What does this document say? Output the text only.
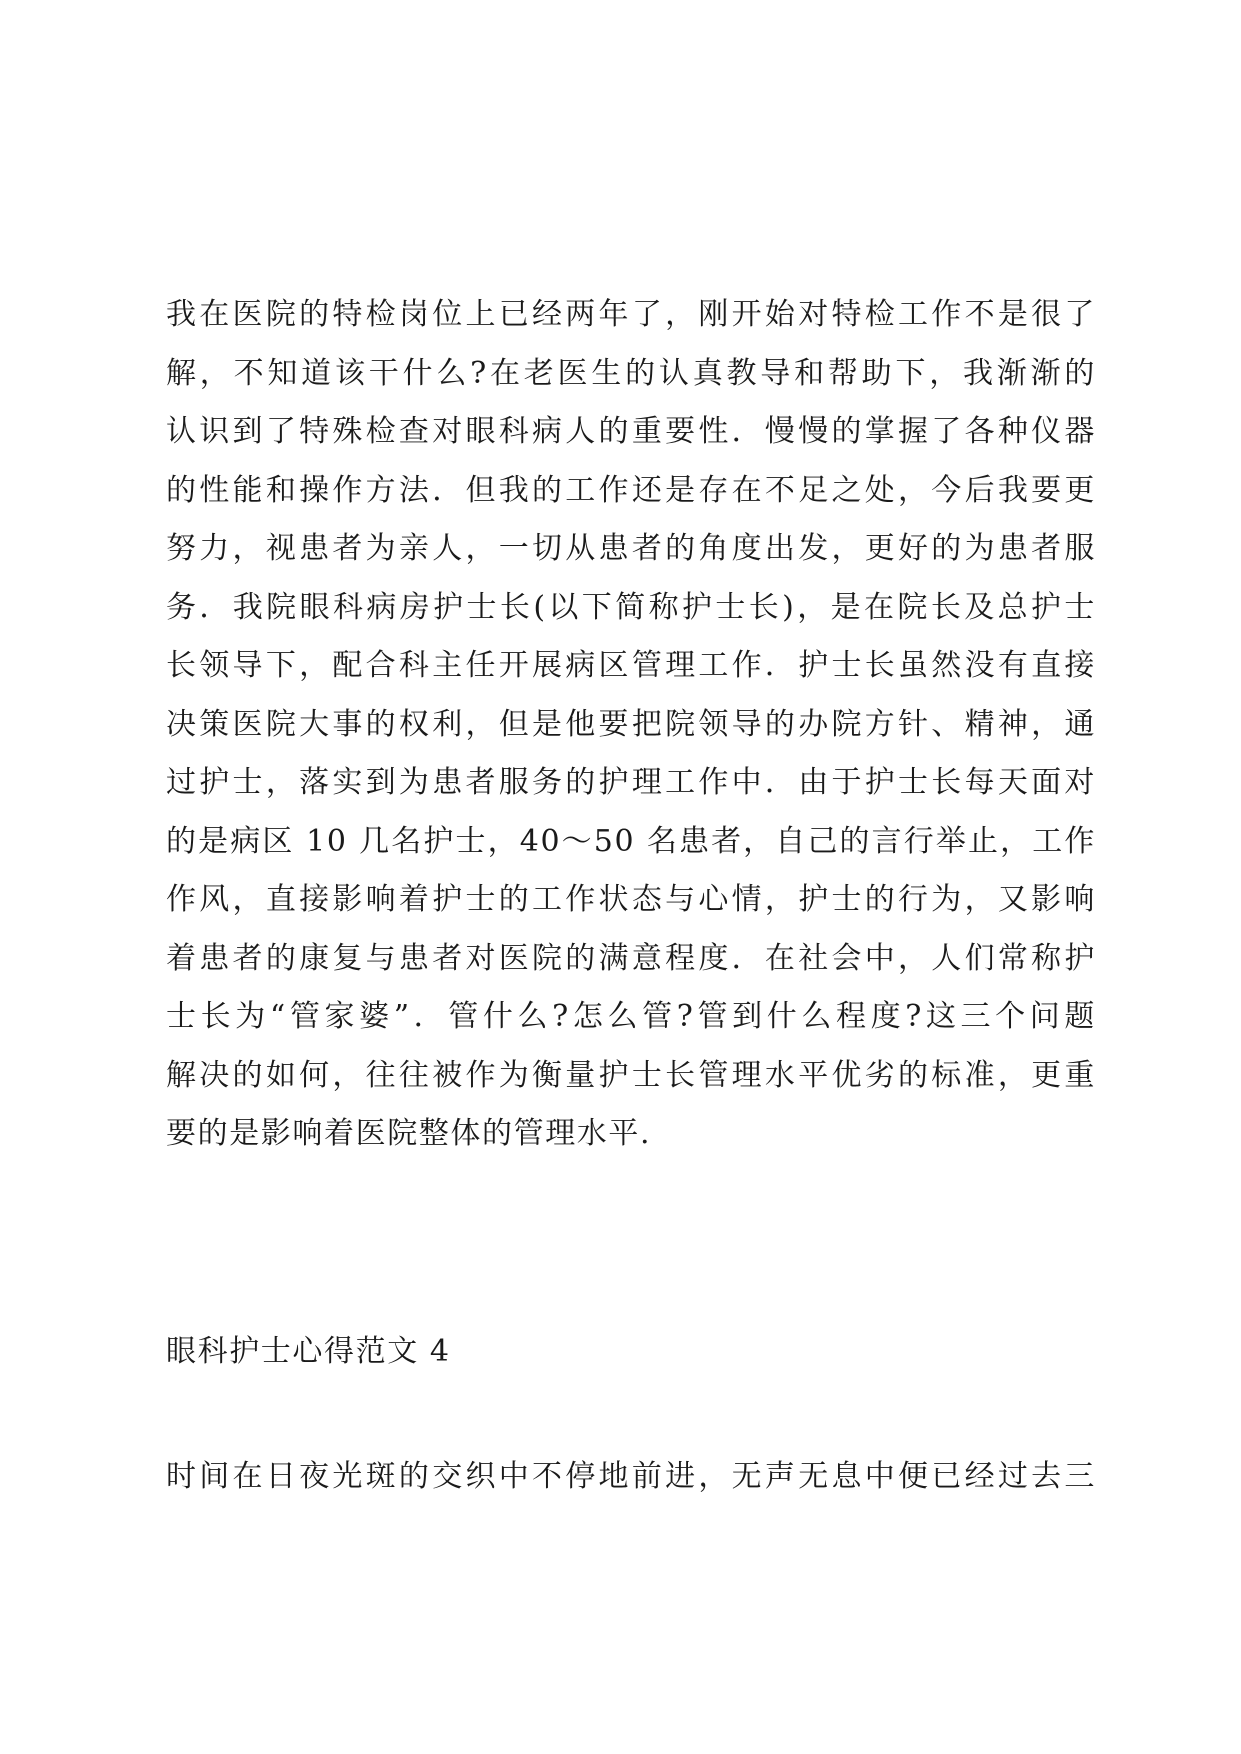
我在医院的特检岗位上已经两年了，刚开始对特检工作不是很了
解，不知道该干什么?在老医生的认真教导和帮助下，我渐渐的
认识到了特殊检查对眼科病人的重要性．慢慢的掌握了各种仪器
的性能和操作方法．但我的工作还是存在不足之处，今后我要更
努力，视患者为亲人，一切从患者的角度出发，更好的为患者服
务．我院眼科病房护士长(以下简称护士长)，是在院长及总护士
长领导下，配合科主任开展病区管理工作．护士长虽然没有直接
决策医院大事的权利，但是他要把院领导的办院方针、精神，通
过护士，落实到为患者服务的护理工作中．由于护士长每天面对
的是病区 10 几名护士，40～50 名患者，自己的言行举止，工作
作风，直接影响着护士的工作状态与心情，护士的行为，又影响
着患者的康复与患者对医院的满意程度．在社会中，人们常称护
士长为“管家婆”．管什么?怎么管?管到什么程度?这三个问题
解决的如何，往往被作为衡量护士长管理水平优劣的标准，更重
要的是影响着医院整体的管理水平.
眼科护士心得范文 4
时间在日夜光斑的交织中不停地前进，无声无息中便已经过去三
